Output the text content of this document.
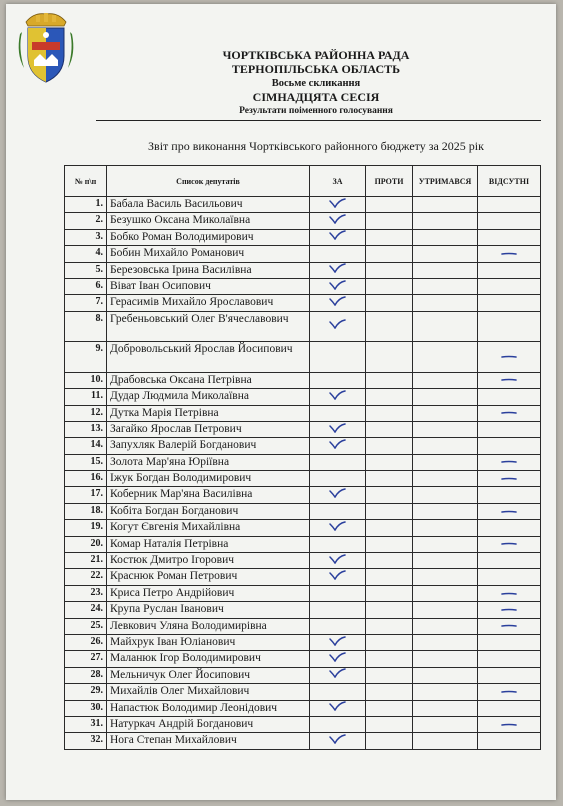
ЧОРТКІВСЬКА РАЙОННА РАДА
ТЕРНОПІЛЬСЬКА ОБЛАСТЬ
Восьме скликання
СІМНАДЦЯТА СЕСІЯ
Результати поіменного голосування
Звіт про виконання Чортківського районного бюджету за 2025 рік
№ п\п	Список депутатів	ЗА	ПРОТИ	УТРИМАВСЯ	ВІДСУТНІ
1.	Бабала Василь Васильович				
2.	Безушко Оксана Миколаївна				
3.	Бобко Роман Володимирович				
4.	Бобин Михайло Романович				
5.	Березовська Ірина Василівна				
6.	Віват Іван Осипович				
7.	Герасимів Михайло Ярославович				
8.	Гребеньовський Олег В'ячеславович				
9.	Добровольський Ярослав Йосипович				
10.	Драбовська Оксана Петрівна				
11.	Дудар Людмила Миколаївна				
12.	Дутка Марія Петрівна				
13.	Загайко Ярослав Петрович				
14.	Запухляк Валерій Богданович				
15.	Золота Мар'яна Юріївна				
16.	Іжук Богдан Володимирович				
17.	Коберник Мар'яна Василівна				
18.	Кобіта Богдан Богданович				
19.	Когут Євгенія Михайлівна				
20.	Комар Наталія Петрівна				
21.	Костюк Дмитро Ігорович				
22.	Краснюк Роман Петрович				
23.	Криса Петро Андрійович				
24.	Крупа Руслан Іванович				
25.	Левкович Уляна Володимирівна				
26.	Майхрук Іван Юліанович				
27.	Маланюк Ігор Володимирович				
28.	Мельничук Олег Йосипович				
29.	Михайлів Олег Михайлович				
30.	Напастюк Володимир Леонідович				
31.	Натуркач Андрій Богданович				
32.	Нога Степан Михайлович				
